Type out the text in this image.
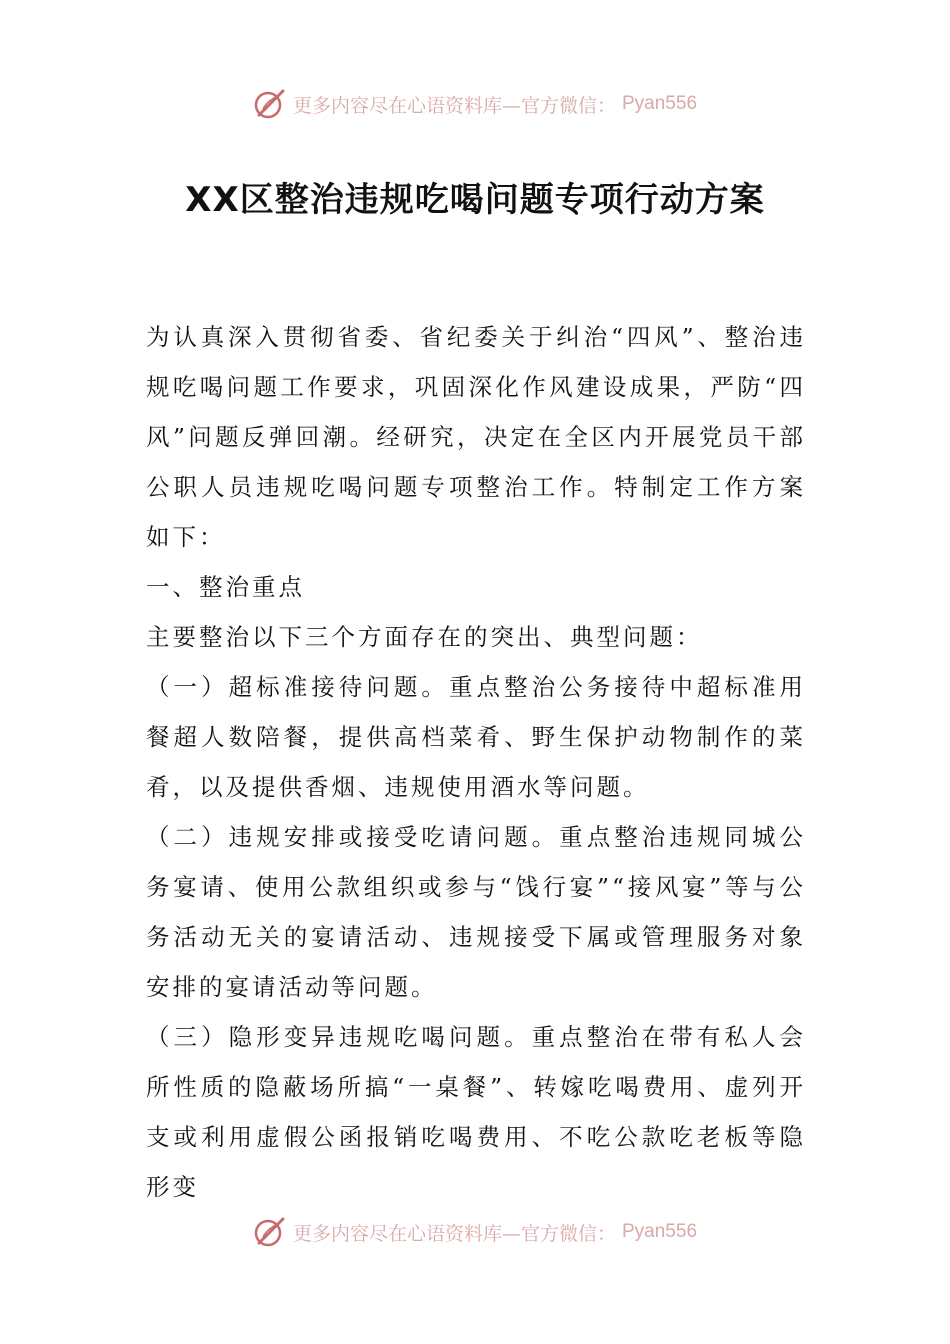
更多内容尽在心语资料库—官方微信： Pyan556
XX区整治违规吃喝问题专项行动方案

为认真深入贯彻省委、省纪委关于纠治“四风”、整治违规吃喝问题工作要求，巩固深化作风建设成果，严防“四风”问题反弹回潮。经研究，决定在全区内开展党员干部公职人员违规吃喝问题专项整治工作。特制定工作方案如下：

一、整治重点

主要整治以下三个方面存在的突出、典型问题：

（一）超标准接待问题。重点整治公务接待中超标准用餐超人数陪餐，提供高档菜肴、野生保护动物制作的菜肴，以及提供香烟、违规使用酒水等问题。

（二）违规安排或接受吃请问题。重点整治违规同城公务宴请、使用公款组织或参与“饯行宴”“接风宴”等与公务活动无关的宴请活动、违规接受下属或管理服务对象安排的宴请活动等问题。

（三）隐形变异违规吃喝问题。重点整治在带有私人会所性质的隐蔽场所搞“一桌餐”、转嫁吃喝费用、虚列开支或利用虚假公函报销吃喝费用、不吃公款吃老板等隐形变

更多内容尽在心语资料库—官方微信： Pyan556
